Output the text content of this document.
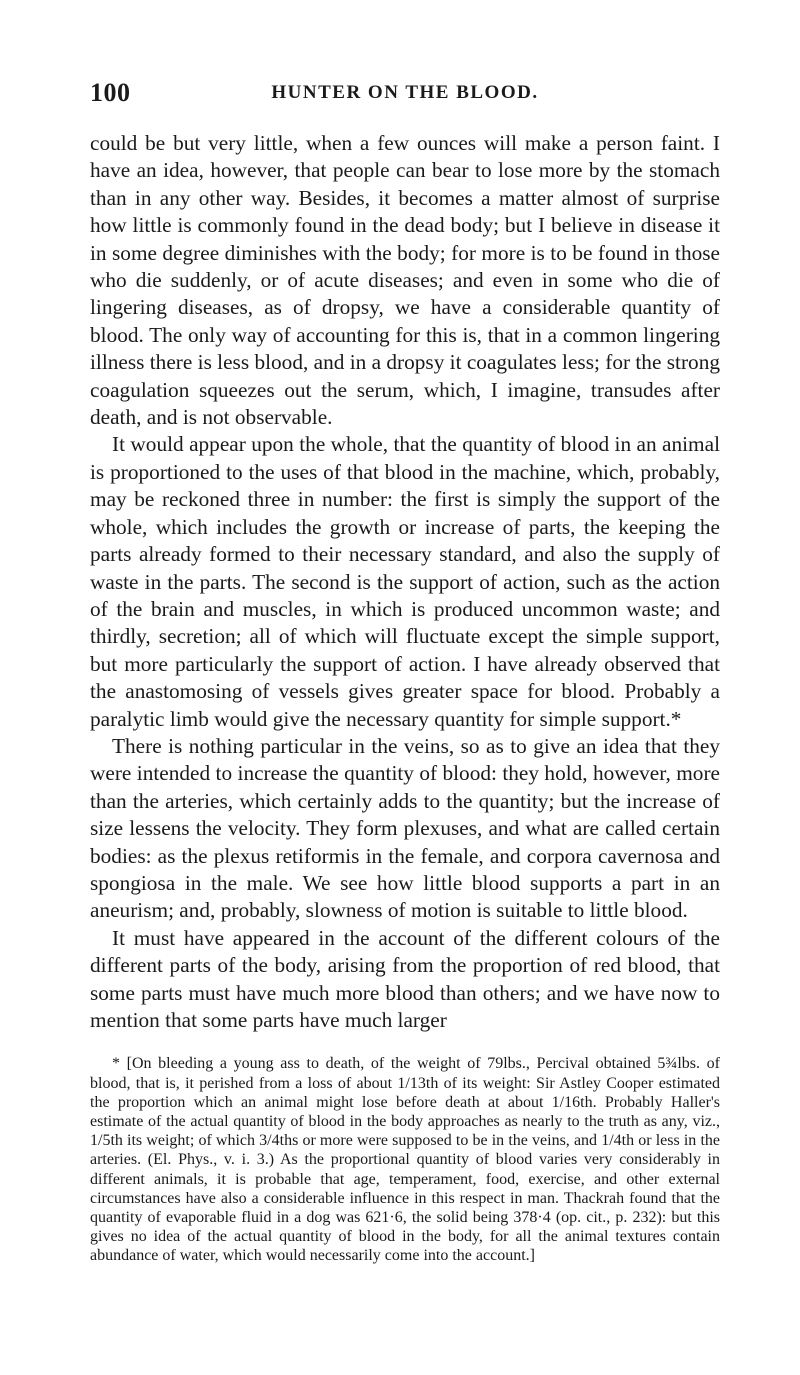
100	HUNTER ON THE BLOOD.

could be but very little, when a few ounces will make a person faint. I have an idea, however, that people can bear to lose more by the stomach than in any other way. Besides, it becomes a matter almost of surprise how little is commonly found in the dead body; but I believe in disease it in some degree diminishes with the body; for more is to be found in those who die suddenly, or of acute diseases; and even in some who die of lingering diseases, as of dropsy, we have a considerable quantity of blood. The only way of accounting for this is, that in a common lingering illness there is less blood, and in a dropsy it coagulates less; for the strong coagulation squeezes out the serum, which, I imagine, transudes after death, and is not observable.

It would appear upon the whole, that the quantity of blood in an animal is proportioned to the uses of that blood in the machine, which, probably, may be reckoned three in number: the first is simply the support of the whole, which includes the growth or increase of parts, the keeping the parts already formed to their necessary standard, and also the supply of waste in the parts. The second is the support of action, such as the action of the brain and muscles, in which is produced uncommon waste; and thirdly, secretion; all of which will fluctuate except the simple support, but more particularly the support of action. I have already observed that the anastomosing of vessels gives greater space for blood. Probably a paralytic limb would give the necessary quantity for simple support.*

There is nothing particular in the veins, so as to give an idea that they were intended to increase the quantity of blood: they hold, however, more than the arteries, which certainly adds to the quantity; but the increase of size lessens the velocity. They form plexuses, and what are called certain bodies: as the plexus retiformis in the female, and corpora cavernosa and spongiosa in the male. We see how little blood supports a part in an aneurism; and, probably, slowness of motion is suitable to little blood.

It must have appeared in the account of the different colours of the different parts of the body, arising from the proportion of red blood, that some parts must have much more blood than others; and we have now to mention that some parts have much larger

* [On bleeding a young ass to death, of the weight of 79lbs., Percival obtained 5¾lbs. of blood, that is, it perished from a loss of about 1/13th of its weight: Sir Astley Cooper estimated the proportion which an animal might lose before death at about 1/16th. Probably Haller's estimate of the actual quantity of blood in the body approaches as nearly to the truth as any, viz., 1/5th its weight; of which 3/4ths or more were supposed to be in the veins, and 1/4th or less in the arteries. (El. Phys., v. i. 3.) As the proportional quantity of blood varies very considerably in different animals, it is probable that age, temperament, food, exercise, and other external circumstances have also a considerable influence in this respect in man. Thackrah found that the quantity of evaporable fluid in a dog was 621·6, the solid being 378·4 (op. cit., p. 232): but this gives no idea of the actual quantity of blood in the body, for all the animal textures contain abundance of water, which would necessarily come into the account.]
